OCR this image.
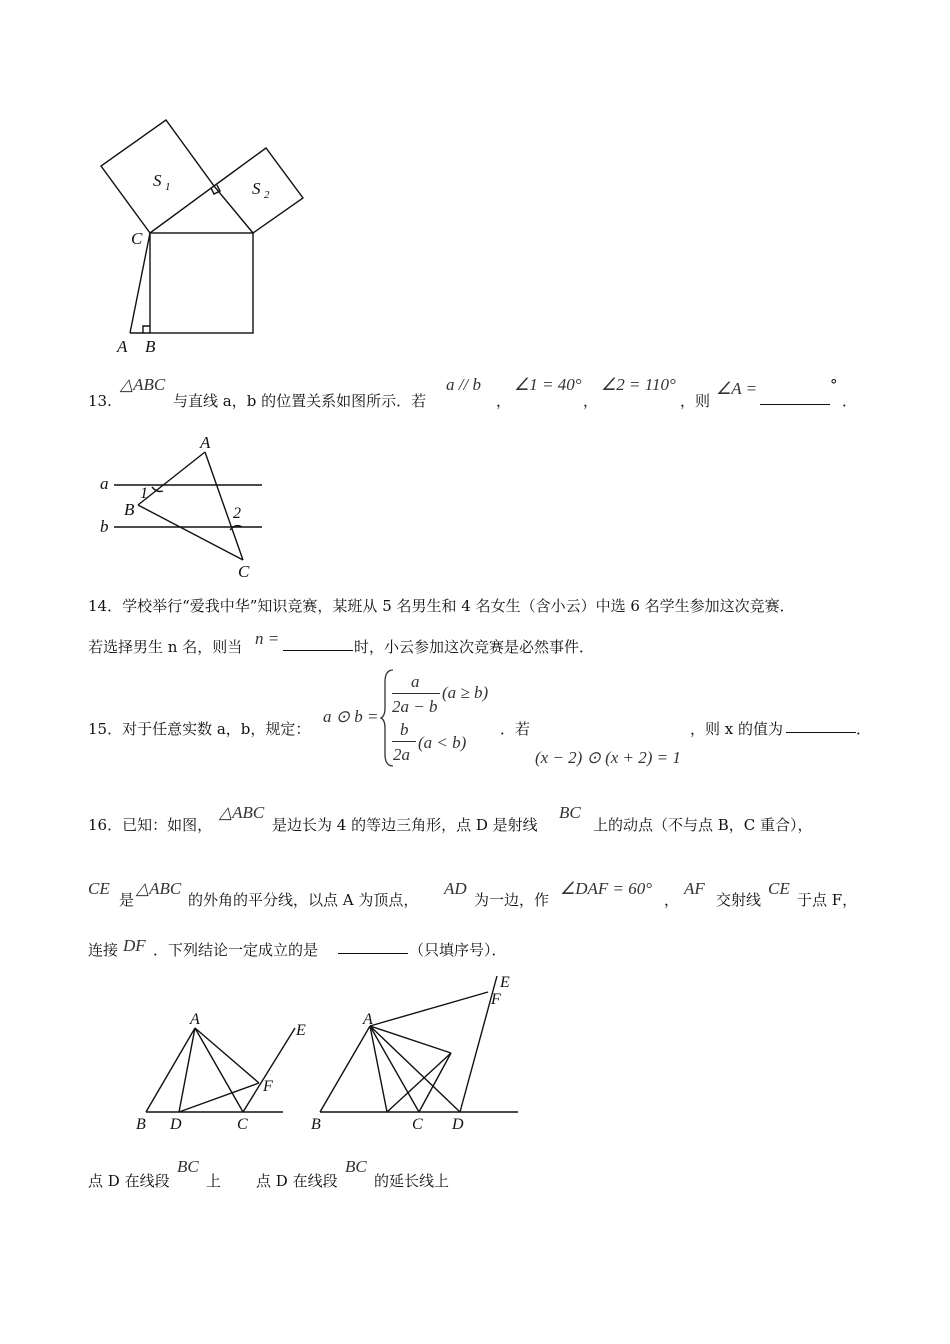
S 1	S 2
C
A B
13.
△ABC
与直线 a，b 的位置关系如图所示．若
a // b
，
∠1 = 40°
，
∠2 = 110°
，则
∠A =	°
．
A
B
C
a
b
1
2
14．学校举行“爱我中华”知识竞赛，某班从 5 名男生和 4 名女生（含小云）中选 6 名学生参加这次竞赛．
若选择男生 n 名，则当 n =	时，小云参加这次竞赛是必然事件．
15．对于任意实数 a，b，规定：
a ⊙ b =
a
2a − b
(a ≥ b)
b
2a
(a < b)
．若
(x − 2) ⊙ (x + 2) = 1
，则 x 的值为	．
16．已知：如图，
△ABC
是边长为 4 的等边三角形，点 D 是射线
BC
上的动点（不与点 B，C 重合），
CE
是
△ABC
的外角的平分线，以点 A 为顶点，
AD
为一边，作
∠DAF = 60°
，
AF
交射线
CE
于点 F，
连接 DF ．下列结论一定成立的是	（只填序号）．
A
B D	C
F
E
A
B	C D
F
E
点 D 在线段
BC
上 点 D 在线段
BC
的延长线上
